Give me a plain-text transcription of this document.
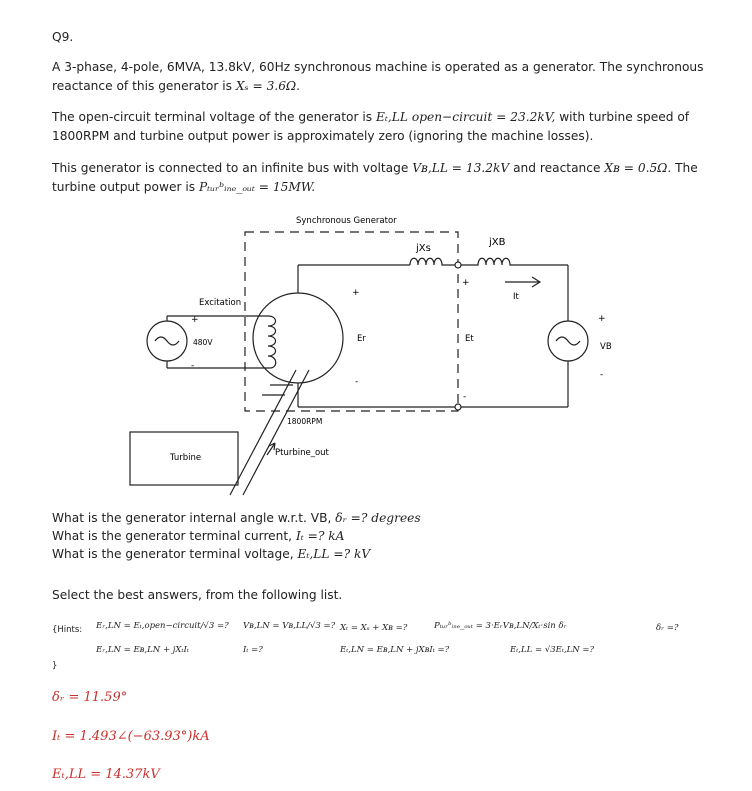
Q9.
A 3-phase, 4-pole, 6MVA, 13.8kV, 60Hz synchronous machine is operated as a generator. The synchronous
reactance of this generator is Xₛ = 3.6Ω.
The open-circuit terminal voltage of the generator is Eₜ,LL open−circuit = 23.2kV, with turbine speed of
1800RPM and turbine output power is approximately zero (ignoring the machine losses).
This generator is connected to an infinite bus with voltage Vʙ,LL = 13.2kV and reactance Xʙ = 0.5Ω. The
turbine output power is Pₜᵤᵣᵇᵢₙₑ_ₒᵤₜ = 15MW.
Synchronous Generator
Excitation
+
480V
-
jXs
jXB
+
It
+
Er
-
Et
-
+
VB
-
1800RPM
Turbine	Pturbine_out
What is the generator internal angle w.r.t. VB, δᵣ =? degrees
What is the generator terminal current, Iₜ =? kA
What is the generator terminal voltage, Eₜ,LL =? kV
Select the best answers, from the following list.
{Hints: Eᵣ,LN = Eₜ,open−circuit/√3 =? Vʙ,LN = Vʙ,LL/√3 =? Xₜ = Xₛ + Xʙ =?	Pₜᵤᵣᵇᵢₙₑ_ₒᵤₜ = 3·EᵣVʙ,LN/Xₜ·sin δᵣ	δᵣ =?
Eᵣ,LN = Eʙ,LN + jXₜIₜ	Iₜ =?	Eₜ,LN = Eʙ,LN + jXʙIₜ =?	Eₜ,LL = √3Eₜ,LN =?
}
δᵣ = 11.59°
Iₜ = 1.493∠(−63.93°)kA
Eₜ,LL = 14.37kV
